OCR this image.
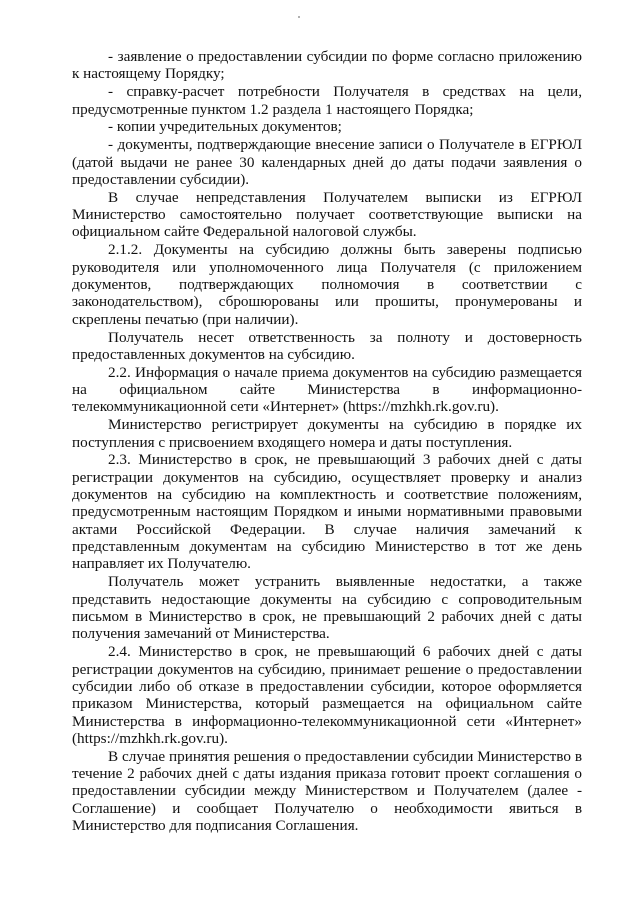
- заявление о предоставлении субсидии по форме согласно приложению к настоящему Порядку;

- справку-расчет потребности Получателя в средствах на цели, предусмотренные пунктом 1.2 раздела 1 настоящего Порядка;

- копии учредительных документов;

- документы, подтверждающие внесение записи о Получателе в ЕГРЮЛ (датой выдачи не ранее 30 календарных дней до даты подачи заявления о предоставлении субсидии).

В случае непредставления Получателем выписки из ЕГРЮЛ Министерство самостоятельно получает соответствующие выписки на официальном сайте Федеральной налоговой службы.

2.1.2. Документы на субсидию должны быть заверены подписью руководителя или уполномоченного лица Получателя (с приложением документов, подтверждающих полномочия в соответствии с законодательством), сброшюрованы или прошиты, пронумерованы и скреплены печатью (при наличии).

Получатель несет ответственность за полноту и достоверность предоставленных документов на субсидию.

2.2. Информация о начале приема документов на субсидию размещается на официальном сайте Министерства в информационно-телекоммуникационной сети «Интернет» (https://mzhkh.rk.gov.ru).

Министерство регистрирует документы на субсидию в порядке их поступления с присвоением входящего номера и даты поступления.

2.3. Министерство в срок, не превышающий 3 рабочих дней с даты регистрации документов на субсидию, осуществляет проверку и анализ документов на субсидию на комплектность и соответствие положениям, предусмотренным настоящим Порядком и иными нормативными правовыми актами Российской Федерации. В случае наличия замечаний к представленным документам на субсидию Министерство в тот же день направляет их Получателю.

Получатель может устранить выявленные недостатки, а также представить недостающие документы на субсидию с сопроводительным письмом в Министерство в срок, не превышающий 2 рабочих дней с даты получения замечаний от Министерства.

2.4. Министерство в срок, не превышающий 6 рабочих дней с даты регистрации документов на субсидию, принимает решение о предоставлении субсидии либо об отказе в предоставлении субсидии, которое оформляется приказом Министерства, который размещается на официальном сайте Министерства в информационно-телекоммуникационной сети «Интернет» (https://mzhkh.rk.gov.ru).

В случае принятия решения о предоставлении субсидии Министерство в течение 2 рабочих дней с даты издания приказа готовит проект соглашения о предоставлении субсидии между Министерством и Получателем (далее - Соглашение) и сообщает Получателю о необходимости явиться в Министерство для подписания Соглашения.
